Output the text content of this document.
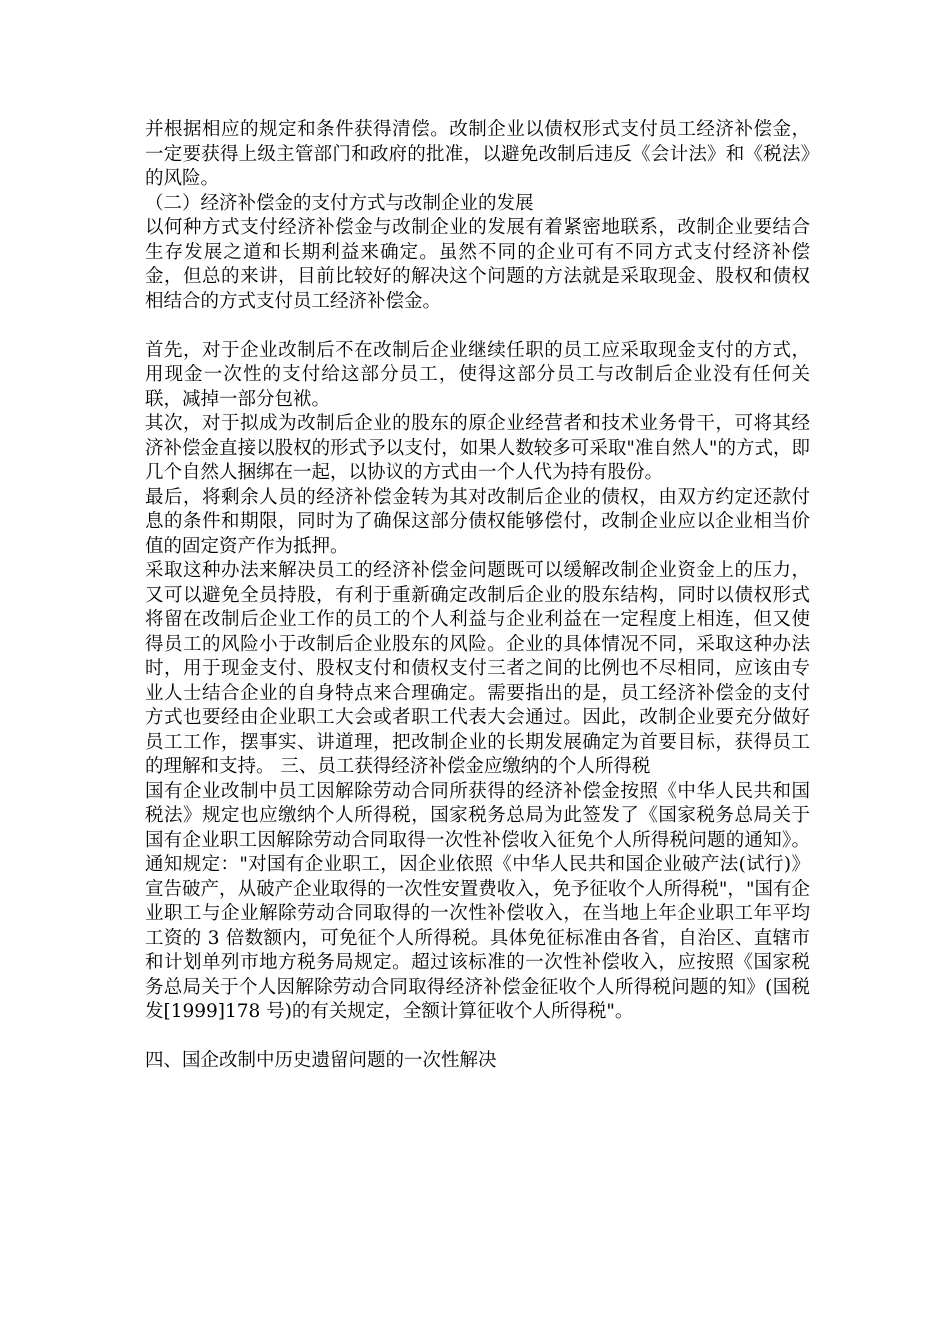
并根据相应的规定和条件获得清偿。改制企业以债权形式支付员工经济补偿金，一定要获得上级主管部门和政府的批准，以避免改制后违反《会计法》和《税法》的风险。

（二）经济补偿金的支付方式与改制企业的发展

以何种方式支付经济补偿金与改制企业的发展有着紧密地联系，改制企业要结合生存发展之道和长期利益来确定。虽然不同的企业可有不同方式支付经济补偿金，但总的来讲，目前比较好的解决这个问题的方法就是采取现金、股权和债权相结合的方式支付员工经济补偿金。

首先，对于企业改制后不在改制后企业继续任职的员工应采取现金支付的方式，用现金一次性的支付给这部分员工，使得这部分员工与改制后企业没有任何关联，减掉一部分包袱。

其次，对于拟成为改制后企业的股东的原企业经营者和技术业务骨干，可将其经济补偿金直接以股权的形式予以支付，如果人数较多可采取"准自然人"的方式，即几个自然人捆绑在一起，以协议的方式由一个人代为持有股份。

最后，将剩余人员的经济补偿金转为其对改制后企业的债权，由双方约定还款付息的条件和期限，同时为了确保这部分债权能够偿付，改制企业应以企业相当价值的固定资产作为抵押。

采取这种办法来解决员工的经济补偿金问题既可以缓解改制企业资金上的压力，又可以避免全员持股，有利于重新确定改制后企业的股东结构，同时以债权形式将留在改制后企业工作的员工的个人利益与企业利益在一定程度上相连，但又使得员工的风险小于改制后企业股东的风险。企业的具体情况不同，采取这种办法时，用于现金支付、股权支付和债权支付三者之间的比例也不尽相同，应该由专业人士结合企业的自身特点来合理确定。需要指出的是，员工经济补偿金的支付方式也要经由企业职工大会或者职工代表大会通过。因此，改制企业要充分做好员工工作，摆事实、讲道理，把改制企业的长期发展确定为首要目标，获得员工的理解和支持。 三、员工获得经济补偿金应缴纳的个人所得税

国有企业改制中员工因解除劳动合同所获得的经济补偿金按照《中华人民共和国税法》规定也应缴纳个人所得税，国家税务总局为此签发了《国家税务总局关于国有企业职工因解除劳动合同取得一次性补偿收入征免个人所得税问题的通知》。通知规定："对国有企业职工，因企业依照《中华人民共和国企业破产法(试行)》宣告破产，从破产企业取得的一次性安置费收入，免予征收个人所得税"，"国有企业职工与企业解除劳动合同取得的一次性补偿收入，在当地上年企业职工年平均工资的 3 倍数额内，可免征个人所得税。具体免征标准由各省，自治区、直辖市和计划单列市地方税务局规定。超过该标准的一次性补偿收入，应按照《国家税务总局关于个人因解除劳动合同取得经济补偿金征收个人所得税问题的知》(国税发[1999]178 号)的有关规定，全额计算征收个人所得税"。

四、国企改制中历史遗留问题的一次性解决
